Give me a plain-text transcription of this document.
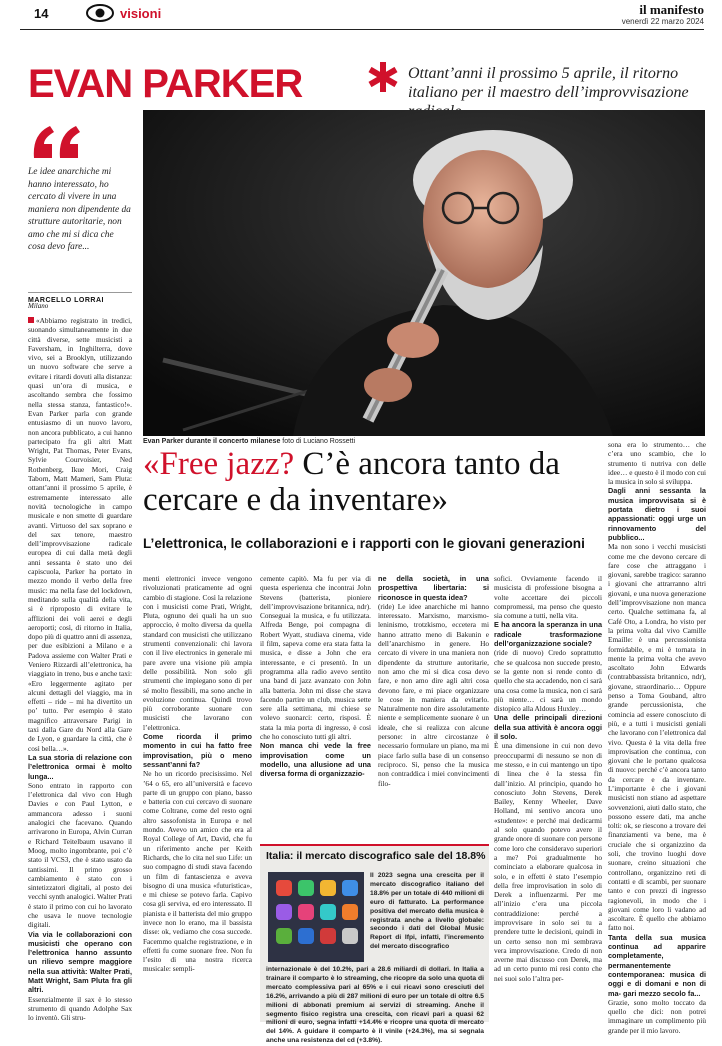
14	visioni	il manifesto
venerdì 22 marzo 2024
EVAN PARKER	Ottant’anni il prossimo 5 aprile, il ritorno italiano per il maestro dell’improvvisazione
Le idee anarchiche mi hanno interessato, ho cercato di vivere in una maniera non dipendente da strutture autoritarie, non amo che mi si dica che cosa devo fare...
MARCELLO LORRAI
Milano
Evan Parker durante il concerto milanese foto di Luciano Rossetti
«Free jazz? C’è ancora tanto da cercare e da inventare»
L’elettronica, le collaborazioni e i rapporti con le giovani generazioni

«Abbiamo registrato in tredici, suonando simultaneamente in due città diverse, sette musicisti a Faversham, in Inghilterra, dove vivo, sei a Brooklyn, utilizzando un nuovo software che serve a evitare i ritardi dovuti alla distanza: quasi un’ora di musica, e ascoltando sembra che fossimo nella stessa stanza, fantastico!». Evan Parker parla con grande entusiasmo di un nuovo lavoro, non ancora pubblicato, a cui hanno partecipato fra gli altri Matt Wright, Pat Thomas, Peter Evans, Sylvie Courvoisier, Ned Rothenberg, Ikue Mori, Craig Taborn, Matt Mameri, Sam Pluta: ottant’anni il prossimo 5 aprile, è estremamente interessato alle novità tecnologiche in campo musicale e non smette di guardare avanti. Virtuoso del sax soprano e del sax tenore, maestro dell’improvvisazione radicale europea di cui dalla metà degli anni sessanta è stato uno dei capiscuola, Parker ha portato in mezzo mondo il verbo della free music: ma nella fase del lockdown, meditando sulla qualità della vita, si è riproposto di evitare le afflizioni dei voli aerei e degli aeroporti; così, di ritorno in Italia, dopo più di quattro anni di assenza, per due esibizioni a Milano e a Padova assieme con Walter Prati e Veniero Rizzardi all’elettronica, ha viaggiato in treno, bus e anche taxi: «Ero leggermente agitato per alcuni dettagli del viaggio, ma in effetti – ride – mi ha divertito un po’ tutto. Per esempio è stato magnifico attraversare Parigi in taxi dalla Gare du Nord alla Gare de Lyon, e guardare la città, che è così bella…».

La sua storia di relazione con l’elettronica ormai è molto lunga...

Sono entrato in rapporto con l’elettronica dal vivo con Hugh Davies e con Paul Lytton, e ammancora adesso i suoni analogici che facevano. Quando arrivarono in Europa, Alvin Curran e Richard Teitelbaum usavano il Moog, molto ingombrante, poi c’è stato il VCS3, che è stato usato da tantissimi. Il primo grosso cambiamento è stato con i sintetizzatori digitali, al posto dei vecchi synth analogici. Walter Prati è stato il primo con cui ho lavorato che usava le nuove tecnologie digitali.

Via via le collaborazioni con musicisti che operano con l’elettronica hanno assunto un rilievo sempre maggiore nella sua attività: Walter Prati, Matt Wright, Sam Pluta fra gli altri.

Essenzialmente il sax è lo stesso strumento di quando Adolphe Sax lo inventò. Gli stru-

menti elettronici invece vengono rivoluzionati praticamente ad ogni cambio di stagione. Così la relazione con i musicisti come Prati, Wright, Pluta, ognuno dei quali ha un suo approccio, è molto diversa da quella standard con musicisti che utilizzano strumenti convenzionali: chi lavora con il live electronics in generale mi pare avere una visione più ampia delle possibilità. Non solo gli strumenti che impiegano sono di per sé molto flessibili, ma sono anche in evoluzione continua. Quindi trovo più corroborante suonare con musicisti che lavorano con l’elettronica.

Come ricorda il primo momento in cui ha fatto free improvisation, più o meno sessant’anni fa?

Ne ho un ricordo precisissimo. Nel ’64 o 65, ero all’università e facevo parte di un gruppo con piano, basso e batteria con cui cercavo di suonare come Coltrane, come del resto ogni altro sassofonista in Europa e nel mondo. Avevo un amico che era al Royal College of Art, David, che fu un riferimento anche per Keith Richards, che lo cita nel suo Life: un suo compagno di studi stava facendo un film di fantascienza e aveva bisogno di una musica «futuristica», e mi chiese se potevo farla. Capivo cosa gli serviva, ed ero interessato. Il pianista e il batterista del mio gruppo invece non lo erano, ma il bassista disse: ok, vediamo che cosa succede. Facemmo qualche registrazione, e in effetti fu come suonare free. Non fu l’esito di una nostra ricerca musicale: sempli-

cemente capitò. Ma fu per via di questa esperienza che incontrai John Stevens (batterista, pioniere dell’improvvisazione britannica, ndr). Conseguai la musica, e fu utilizzata. Alfreda Benge, poi compagna di Robert Wyatt, studiava cinema, vide il film, sapeva come era stata fatta la musica, e disse a John che era interessante, e ci presentò. In un programma alla radio avevo sentito una band di jazz avanzato con John alla batteria. John mi disse che stava facendo partire un club, musica sette sere alla settimana, mi chiese se volevo suonarci: certo, risposi. È stata la mia porta di ingresso, è così che ho conosciuto tutti gli altri.

Non manca chi vede la free improvisation come un modello, una allusione ad una diversa forma di organizzazio-

ne della società, in una prospettiva libertaria: si riconosce in questa idea?

(ride) Le idee anarchiche mi hanno interessato. Marxismo, marxismo-leninismo, trotzkismo, eccetera mi hanno attratto meno di Bakunin e dell’anarchismo in genere. Ho cercato di vivere in una maniera non dipendente da strutture autoritarie, non amo che mi si dica cosa devo fare, e non amo dire agli altri cosa devono fare, e mi piace organizzare le cose in maniera da evitarlo. Naturalmente non dire assolutamente niente e semplicemente suonare è un ideale, che si realizza con alcune persone: in altre circostanze è necessario formulare un piano, ma mi piace farlo sulla base di un consenso reciproco. Sì, penso che la musica non contraddica i miei convincimenti filo-

sofici. Ovviamente facendo il musicista di professione bisogna a volte accettare dei piccoli compromessi, ma penso che questo sia comune a tutti, nella vita.

E ha ancora la speranza in una radicale trasformazione dell’organizzazione sociale?

(ride di nuovo) Credo soprattutto che se qualcosa non succede presto, se la gente non si rende conto di quello che sta accadendo, non ci sarà una cosa come la musica, non ci sarà più niente… ci sarà un mondo distopico alla Aldous Huxley…

Una delle principali direzioni della sua attività è ancora oggi il solo.

È una dimensione in cui non devo preoccuparmi di nessuno se non di me stesso, e in cui mantengo un tipo di linea che è la stessa fin dall’inizio. Al principio, quando ho conosciuto John Stevens, Derek Bailey, Kenny Wheeler, Dave Holland, mi sentivo ancora uno «studente»: e perché mai dedicarmi al solo quando potevo avere il grande onore di suonare con persone come loro che consideravo superiori a me? Poi gradualmente ho cominciato a elaborare qualcosa in solo, e in effetti è stato l’esempio della free improvisation in solo di Derek a influenzarmi. Per me all’inizio c’era una piccola contraddizione: perché a improvvisare in solo sei tu a prendere tutte le decisioni, quindi in un certo senso non mi sembrava vera improvvisazione. Credo di non averne mai discusso con Derek, ma ad un certo punto mi resi conto che nei suoi solo l’altra per-

sona era lo strumento… che c’era uno scambio, che lo strumento ti nutriva con delle idee… e questo è il modo con cui la musica in solo si sviluppa.

Dagli anni sessanta la musica improvvisata si è portata dietro i suoi appassionati: oggi urge un rinnovamento del pubblico...

Ma non sono i vecchi musicisti come me che devono cercare di fare cose che attraggano i giovani, sarebbe tragico: saranno i giovani che attrarranno altri giovani, e una nuova generazione dell’improvvisazione non manca certo. Qualche settimana fa, al Café Oto, a Londra, ho visto per la prima volta dal vivo Camille Emaille: è una percussionista formidabile, e mi è tornata in mente la prima volta che avevo ascoltato John Edwards (contrabbassista britannico, ndr), giovane, straordinario… Oppure penso a Toma Gouband, altro grande percussionista, che comincia ad essere conosciuto di più, e a tutti i musicisti geniali che lavorano con l’elettronica dal vivo. Questa è la vita della free improvisation che continua, con giovani che le portano qualcosa di nuovo: perché c’è ancora tanto da cercare e da inventare. L’importante è che i giovani musicisti non stiano ad aspettare sovvenzioni, aiuti dallo stato, che possono essere dati, ma anche tolti: ok, se riescono a trovare dei finanziamenti va bene, ma è cruciale che si organizzino da soli, che trovino luoghi dove suonare, creino situazioni che controllano, organizzino reti di contatti e di scambi, per suonare tanto e con prezzi di ingresso ragionevoli, in modo che i giovani come loro li vadano ad ascoltare. È quello che abbiamo fatto noi.

Tanta della sua musica continua ad apparire completamente, permanentemente contemporanea: musica di oggi e di domani e non di ma- gari mezzo secolo fa...

Grazie, sono molto toccato da quello che dici: non potrei immaginare un complimento più grande per il mio lavoro.

Italia: il mercato discografico sale del 18.8%
Il 2023 segna una crescita per il mercato discografico italiano del 18.8% per un totale di 440 milioni di euro di fatturato. La performance positiva del mercato della musica è registrata anche a livello globale: secondo i dati del Global Music Report di Ifpi, infatti, l’incremento del mercato discografico
internazionale è del 10.2%, pari a 28.6 miliardi di dollari. In Italia a trainare il comparto è lo streaming, che ricopre da solo una quota di mercato complessiva pari al 65% e i cui ricavi sono cresciuti del 16.2%, arrivando a più di 287 milioni di euro per un totale di oltre 6.5 milioni di abbonati premium ai servizi di streaming. Anche il segmento fisico registra una crescita, con ricavi pari a quasi 62 milioni di euro, segna infatti +14.4% e ricopre una quota di mercato del 14%. A guidare il comparto è il vinile (+24.3%), ma si segnala anche una resistenza del cd (+3.8%).
